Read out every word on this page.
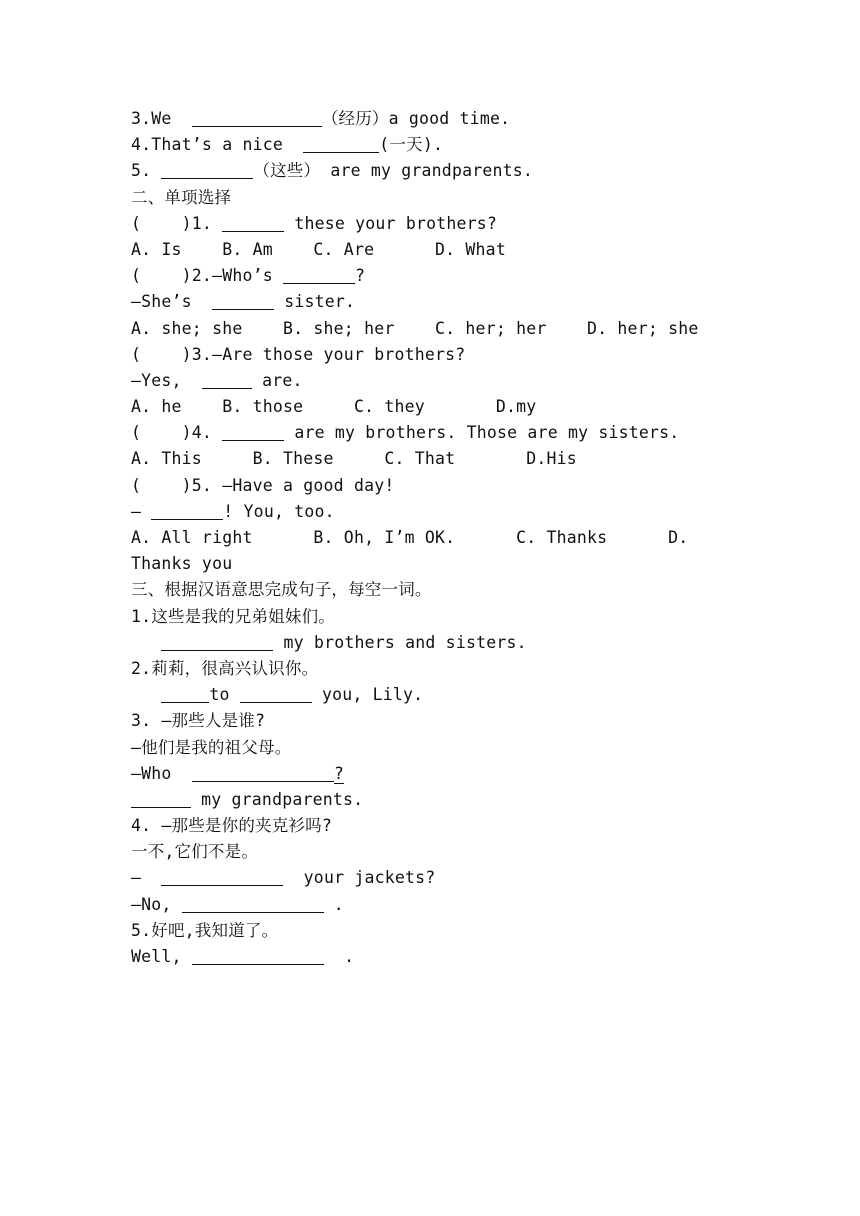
3.We	（经历）a good time.
4.That’s a nice	(一天).
5.	（这些） are my grandparents.
二、单项选择
(    )1.	these your brothers?
A. Is    B. Am    C. Are      D. What
(    )2.—Who’s	?
—She’s	sister.
A. she; she    B. she; her    C. her; her    D. her; she
(    )3.—Are those your brothers?
—Yes,	are.
A. he    B. those     C. they       D.my
(    )4.	are my brothers. Those are my sisters.
A. This     B. These     C. That       D.His
(    )5. —Have a good day!
—	! You, too.
A. All right      B. Oh, I’m OK.      C. Thanks      D.
Thanks you
三、根据汉语意思完成句子，每空一词。
1.这些是我的兄弟姐妹们。
my brothers and sisters.
2.莉莉，很高兴认识你。
to	you, Lily.
3. —那些人是谁?
—他们是我的祖父母。
—Who	?
my grandparents.
4. —那些是你的夹克衫吗?
一不,它们不是。
—	your jackets?
—No,	.
5.好吧,我知道了。
Well,	.
